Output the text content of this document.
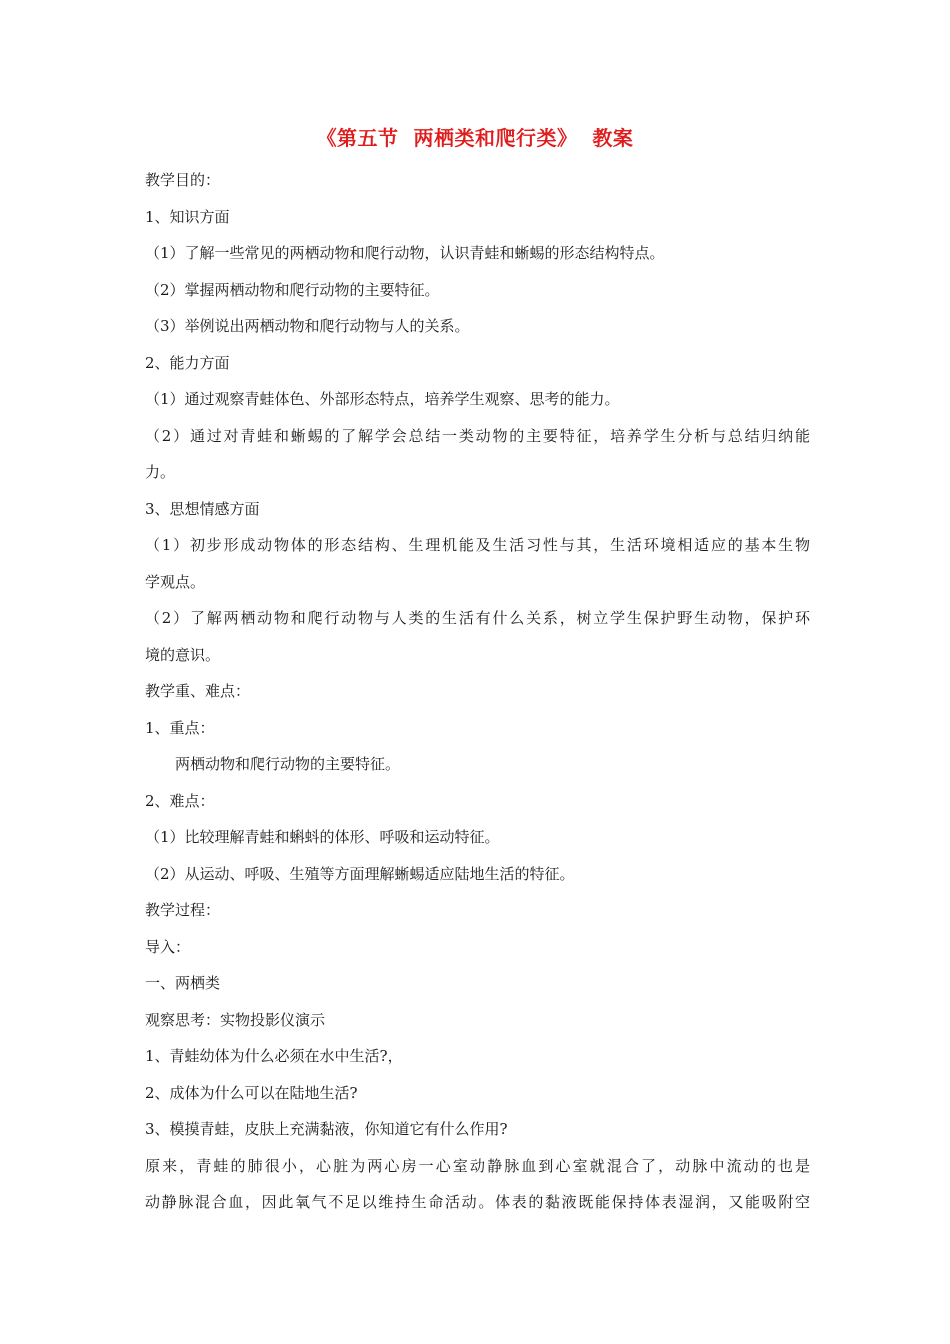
《第五节  两栖类和爬行类》  教案
教学目的：
1、知识方面
（1）了解一些常见的两栖动物和爬行动物，认识青蛙和蜥蜴的形态结构特点。
（2）掌握两栖动物和爬行动物的主要特征。
（3）举例说出两栖动物和爬行动物与人的关系。
2、能力方面
（1）通过观察青蛙体色、外部形态特点，培养学生观察、思考的能力。
（2）通过对青蛙和蜥蜴的了解学会总结一类动物的主要特征，培养学生分析与总结归纳能
力。
3、思想情感方面
（1）初步形成动物体的形态结构、生理机能及生活习性与其，生活环境相适应的基本生物
学观点。
（2）了解两栖动物和爬行动物与人类的生活有什么关系，树立学生保护野生动物，保护环
境的意识。
教学重、难点：
1、重点：
两栖动物和爬行动物的主要特征。
2、难点：
（1）比较理解青蛙和蝌蚪的体形、呼吸和运动特征。
（2）从运动、呼吸、生殖等方面理解蜥蜴适应陆地生活的特征。
教学过程：
导入：
一、两栖类
观察思考：实物投影仪演示
1、青蛙幼体为什么必须在水中生活?，
2、成体为什么可以在陆地生活?
3、模摸青蛙，皮肤上充满黏液，你知道它有什么作用?
原来，青蛙的肺很小，心脏为两心房一心室动静脉血到心室就混合了，动脉中流动的也是
动静脉混合血，因此氧气不足以维持生命活动。体表的黏液既能保持体表湿润，又能吸附空
